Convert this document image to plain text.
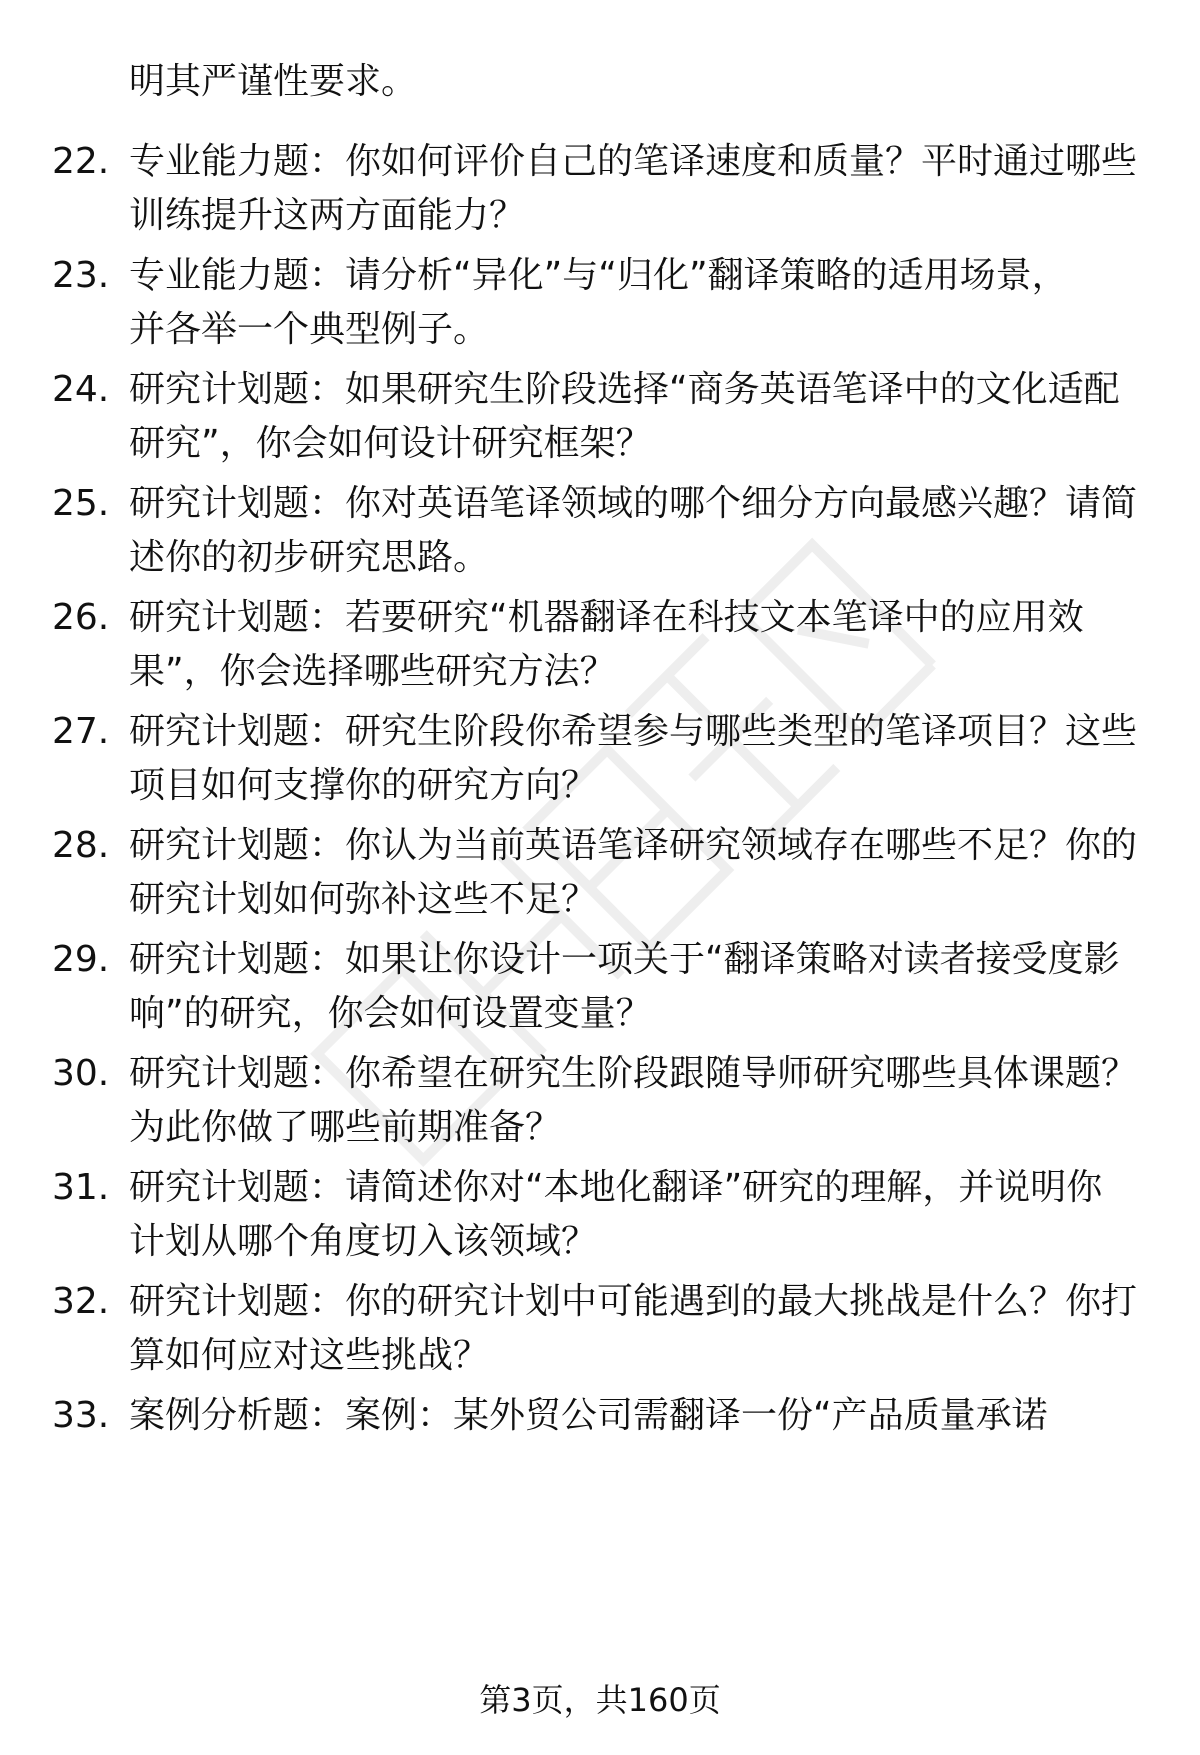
明其严谨性要求。
22. 专业能力题：你如何评价自己的笔译速度和质量？平时通过哪些
训练提升这两方面能力？
23. 专业能力题：请分析“异化”与“归化”翻译策略的适用场景，
并各举一个典型例子。
24. 研究计划题：如果研究生阶段选择“商务英语笔译中的文化适配
研究”，你会如何设计研究框架？
25. 研究计划题：你对英语笔译领域的哪个细分方向最感兴趣？请简
述你的初步研究思路。
26. 研究计划题：若要研究“机器翻译在科技文本笔译中的应用效
果”，你会选择哪些研究方法？
27. 研究计划题：研究生阶段你希望参与哪些类型的笔译项目？这些
项目如何支撑你的研究方向？
28. 研究计划题：你认为当前英语笔译研究领域存在哪些不足？你的
研究计划如何弥补这些不足？
29. 研究计划题：如果让你设计一项关于“翻译策略对读者接受度影
响”的研究，你会如何设置变量？
30. 研究计划题：你希望在研究生阶段跟随导师研究哪些具体课题？
为此你做了哪些前期准备？
31. 研究计划题：请简述你对“本地化翻译”研究的理解，并说明你
计划从哪个角度切入该领域？
32. 研究计划题：你的研究计划中可能遇到的最大挑战是什么？你打
算如何应对这些挑战？
33. 案例分析题：案例：某外贸公司需翻译一份“产品质量承诺
第3页，共160页
